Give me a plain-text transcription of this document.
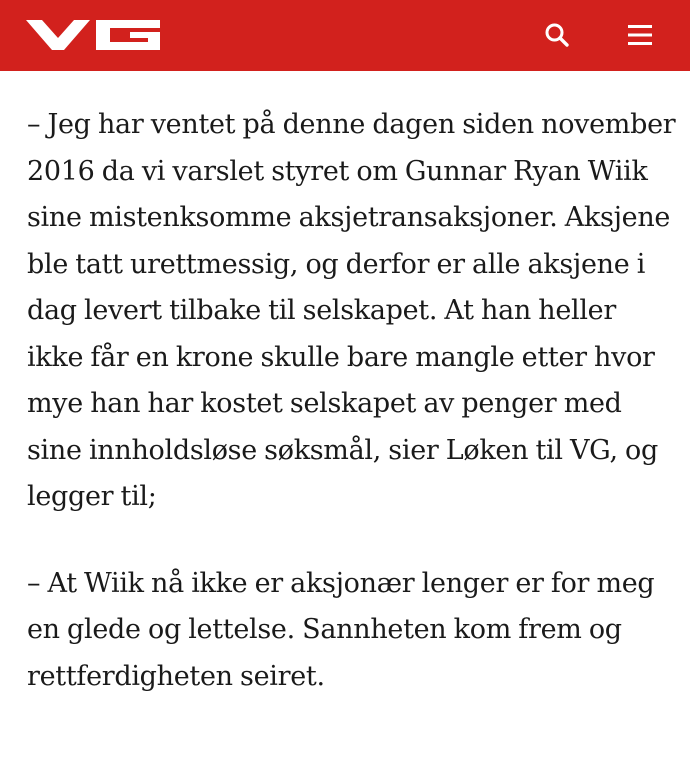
– Jeg har ventet på denne dagen siden november 2016 da vi varslet styret om Gunnar Ryan Wiik sine mistenksomme aksjetransaksjoner. Aksjene ble tatt urettmessig, og derfor er alle aksjene i dag levert tilbake til selskapet. At han heller ikke får en krone skulle bare mangle etter hvor mye han har kostet selskapet av penger med sine innholdsløse søksmål, sier Løken til VG, og legger til;

– At Wiik nå ikke er aksjonær lenger er for meg en glede og lettelse. Sannheten kom frem og rettferdigheten seiret.
